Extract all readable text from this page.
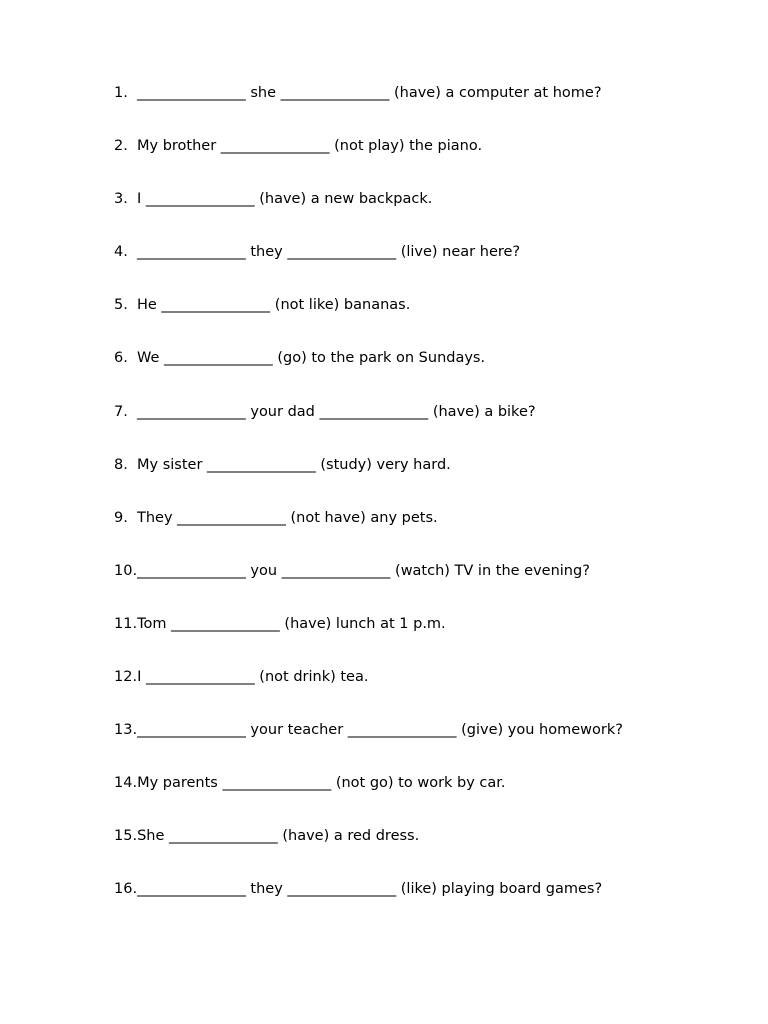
1. _______________ she _______________ (have) a computer at home?
2. My brother _______________ (not play) the piano.
3. I _______________ (have) a new backpack.
4. _______________ they _______________ (live) near here?
5. He _______________ (not like) bananas.
6. We _______________ (go) to the park on Sundays.
7. _______________ your dad _______________ (have) a bike?
8. My sister _______________ (study) very hard.
9. They _______________ (not have) any pets.
10. _______________ you _______________ (watch) TV in the evening?
11. Tom _______________ (have) lunch at 1 p.m.
12. I _______________ (not drink) tea.
13. _______________ your teacher _______________ (give) you homework?
14. My parents _______________ (not go) to work by car.
15. She _______________ (have) a red dress.
16. _______________ they _______________ (like) playing board games?
